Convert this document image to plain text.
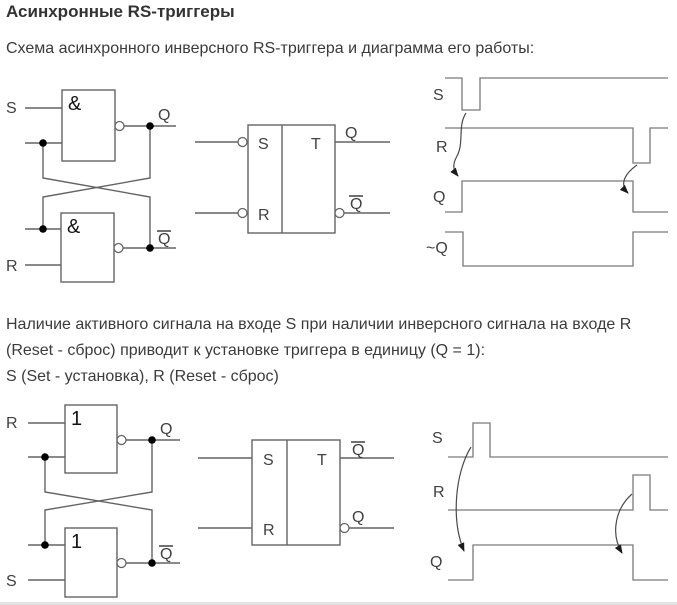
Асинхронные RS-триггеры
Схема асинхронного инверсного RS-триггера и диаграмма его работы:
Наличие активного сигнала на входе S при наличии инверсного сигнала на входе R
(Reset - сброс) приводит к установке триггера в единицу (Q = 1):
S (Set - установка), R (Reset - сброс)
S	&
Q
R
&
Q
S
R
T
Q
Q
S
R
Q
~Q
R	1	Q
S
1
Q
S
R
T
Q
Q
S
R
Q
